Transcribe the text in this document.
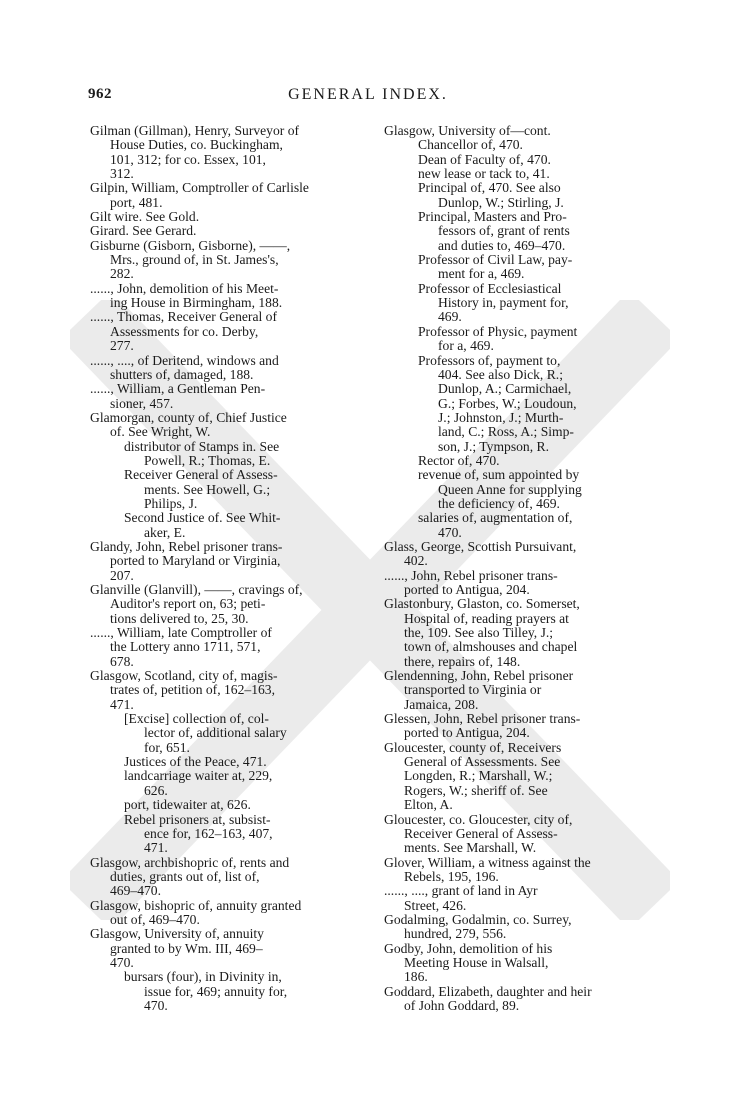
962	GENERAL INDEX.
Gilman (Gillman), Henry, Surveyor of
House Duties, co. Buckingham,
101, 312; for co. Essex, 101,
312.
Gilpin, William, Comptroller of Carlisle
port, 481.
Gilt wire. See Gold.
Girard. See Gerard.
Gisburne (Gisborn, Gisborne), ——,
Mrs., ground of, in St. James's,
282.
......, John, demolition of his Meet-
ing House in Birmingham, 188.
......, Thomas, Receiver General of
Assessments for co. Derby,
277.
......, ...., of Deritend, windows and
shutters of, damaged, 188.
......, William, a Gentleman Pen-
sioner, 457.
Glamorgan, county of, Chief Justice
of. See Wright, W.
distributor of Stamps in. See
Powell, R.; Thomas, E.
Receiver General of Assess-
ments. See Howell, G.;
Philips, J.
Second Justice of. See Whit-
aker, E.
Glandy, John, Rebel prisoner trans-
ported to Maryland or Virginia,
207.
Glanville (Glanvill), ——, cravings of,
Auditor's report on, 63; peti-
tions delivered to, 25, 30.
......, William, late Comptroller of
the Lottery anno 1711, 571,
678.
Glasgow, Scotland, city of, magis-
trates of, petition of, 162–163,
471.
[Excise] collection of, col-
lector of, additional salary
for, 651.
Justices of the Peace, 471.
landcarriage waiter at, 229,
626.
port, tidewaiter at, 626.
Rebel prisoners at, subsist-
ence for, 162–163, 407,
471.
Glasgow, archbishopric of, rents and
duties, grants out of, list of,
469–470.
Glasgow, bishopric of, annuity granted
out of, 469–470.
Glasgow, University of, annuity
granted to by Wm. III, 469–
470.
bursars (four), in Divinity in,
issue for, 469; annuity for,
470.
Glasgow, University of—cont.
Chancellor of, 470.
Dean of Faculty of, 470.
new lease or tack to, 41.
Principal of, 470. See also
Dunlop, W.; Stirling, J.
Principal, Masters and Pro-
fessors of, grant of rents
and duties to, 469–470.
Professor of Civil Law, pay-
ment for a, 469.
Professor of Ecclesiastical
History in, payment for,
469.
Professor of Physic, payment
for a, 469.
Professors of, payment to,
404. See also Dick, R.;
Dunlop, A.; Carmichael,
G.; Forbes, W.; Loudoun,
J.; Johnston, J.; Murth-
land, C.; Ross, A.; Simp-
son, J.; Tympson, R.
Rector of, 470.
revenue of, sum appointed by
Queen Anne for supplying
the deficiency of, 469.
salaries of, augmentation of,
470.
Glass, George, Scottish Pursuivant,
402.
......, John, Rebel prisoner trans-
ported to Antigua, 204.
Glastonbury, Glaston, co. Somerset,
Hospital of, reading prayers at
the, 109. See also Tilley, J.;
town of, almshouses and chapel
there, repairs of, 148.
Glendenning, John, Rebel prisoner
transported to Virginia or
Jamaica, 208.
Glessen, John, Rebel prisoner trans-
ported to Antigua, 204.
Gloucester, county of, Receivers
General of Assessments. See
Longden, R.; Marshall, W.;
Rogers, W.; sheriff of. See
Elton, A.
Gloucester, co. Gloucester, city of,
Receiver General of Assess-
ments. See Marshall, W.
Glover, William, a witness against the
Rebels, 195, 196.
......, ...., grant of land in Ayr
Street, 426.
Godalming, Godalmin, co. Surrey,
hundred, 279, 556.
Godby, John, demolition of his
Meeting House in Walsall,
186.
Goddard, Elizabeth, daughter and heir
of John Goddard, 89.
